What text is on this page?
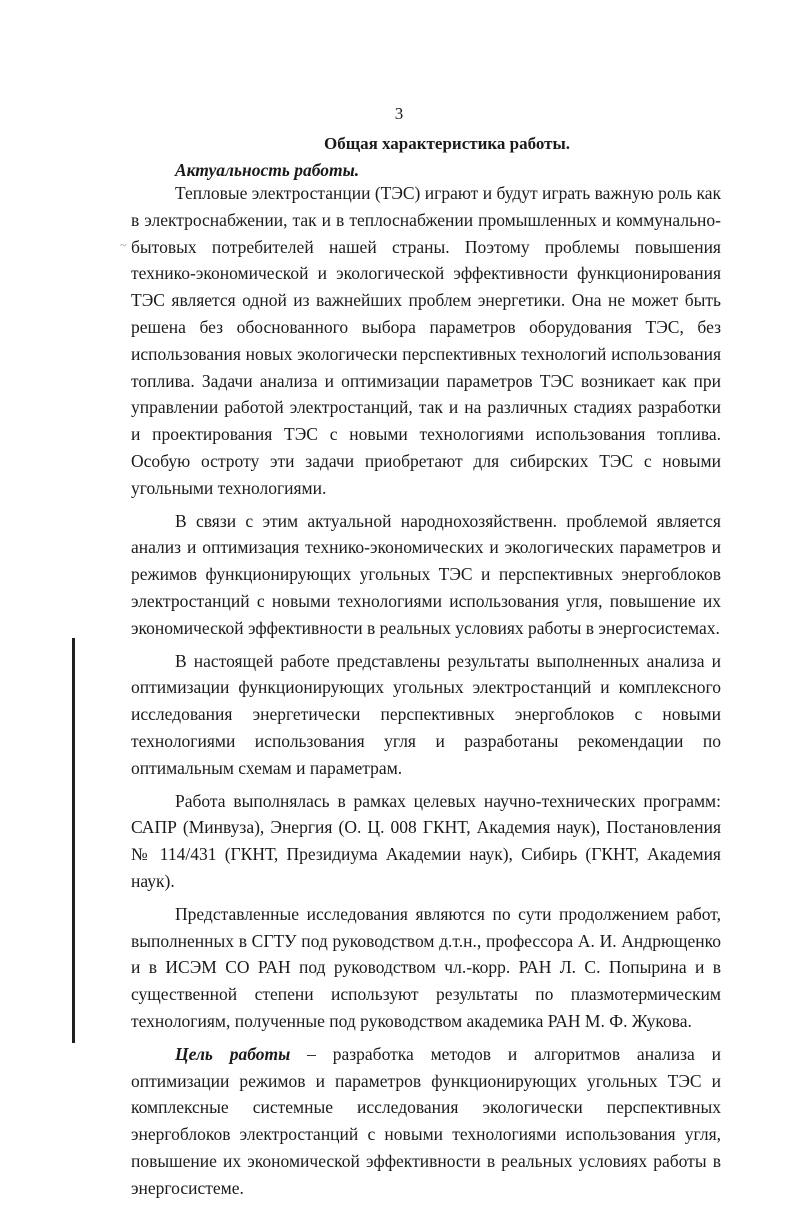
~
3
Общая характеристика работы.
Актуальность работы.

Тепловые электростанции (ТЭС) играют и будут играть важную роль как в электроснабжении, так и в теплоснабжении промышленных и коммунально-бытовых потребителей нашей страны. Поэтому проблемы повышения технико-экономической и экологической эффективности функционирования ТЭС является одной из важнейших проблем энергетики. Она не может быть решена без обоснованного выбора параметров оборудования ТЭС, без использования новых экологически перспективных технологий использования топлива. Задачи анализа и оптимизации параметров ТЭС возникает как при управлении работой электростанций, так и на различных стадиях разработки и проектирования ТЭС с новыми технологиями использования топлива. Особую остроту эти задачи приобретают для сибирских ТЭС с новыми угольными технологиями.

В связи с этим актуальной народнохозяйственн. проблемой является анализ и оптимизация технико-экономических и экологических параметров и режимов функционирующих угольных ТЭС и перспективных энергоблоков электростанций с новыми технологиями использования угля, повышение их экономической эффективности в реальных условиях работы в энергосистемах.

В настоящей работе представлены результаты выполненных анализа и оптимизации функционирующих угольных электростанций и комплексного исследования энергетически перспективных энергоблоков с новыми технологиями использования угля и разработаны рекомендации по оптимальным схемам и параметрам.

Работа выполнялась в рамках целевых научно-технических программ: САПР (Минвуза), Энергия (О. Ц. 008 ГКНТ, Академия наук), Постановления № 114/431 (ГКНТ, Президиума Академии наук), Сибирь (ГКНТ, Академия наук).

Представленные исследования являются по сути продолжением работ, выполненных в СГТУ под руководством д.т.н., профессора А. И. Андрющенко и в ИСЭМ СО РАН под руководством чл.-корр. РАН Л. С. Попырина и в существенной степени используют результаты по плазмотермическим технологиям, полученные под руководством академика РАН М. Ф. Жукова.

Цель работы – разработка методов и алгоритмов анализа и оптимизации режимов и параметров функционирующих угольных ТЭС и комплексные системные исследования экологически перспективных энергоблоков электростанций с новыми технологиями использования угля, повышение их экономической эффективности в реальных условиях работы в энергосистеме.
